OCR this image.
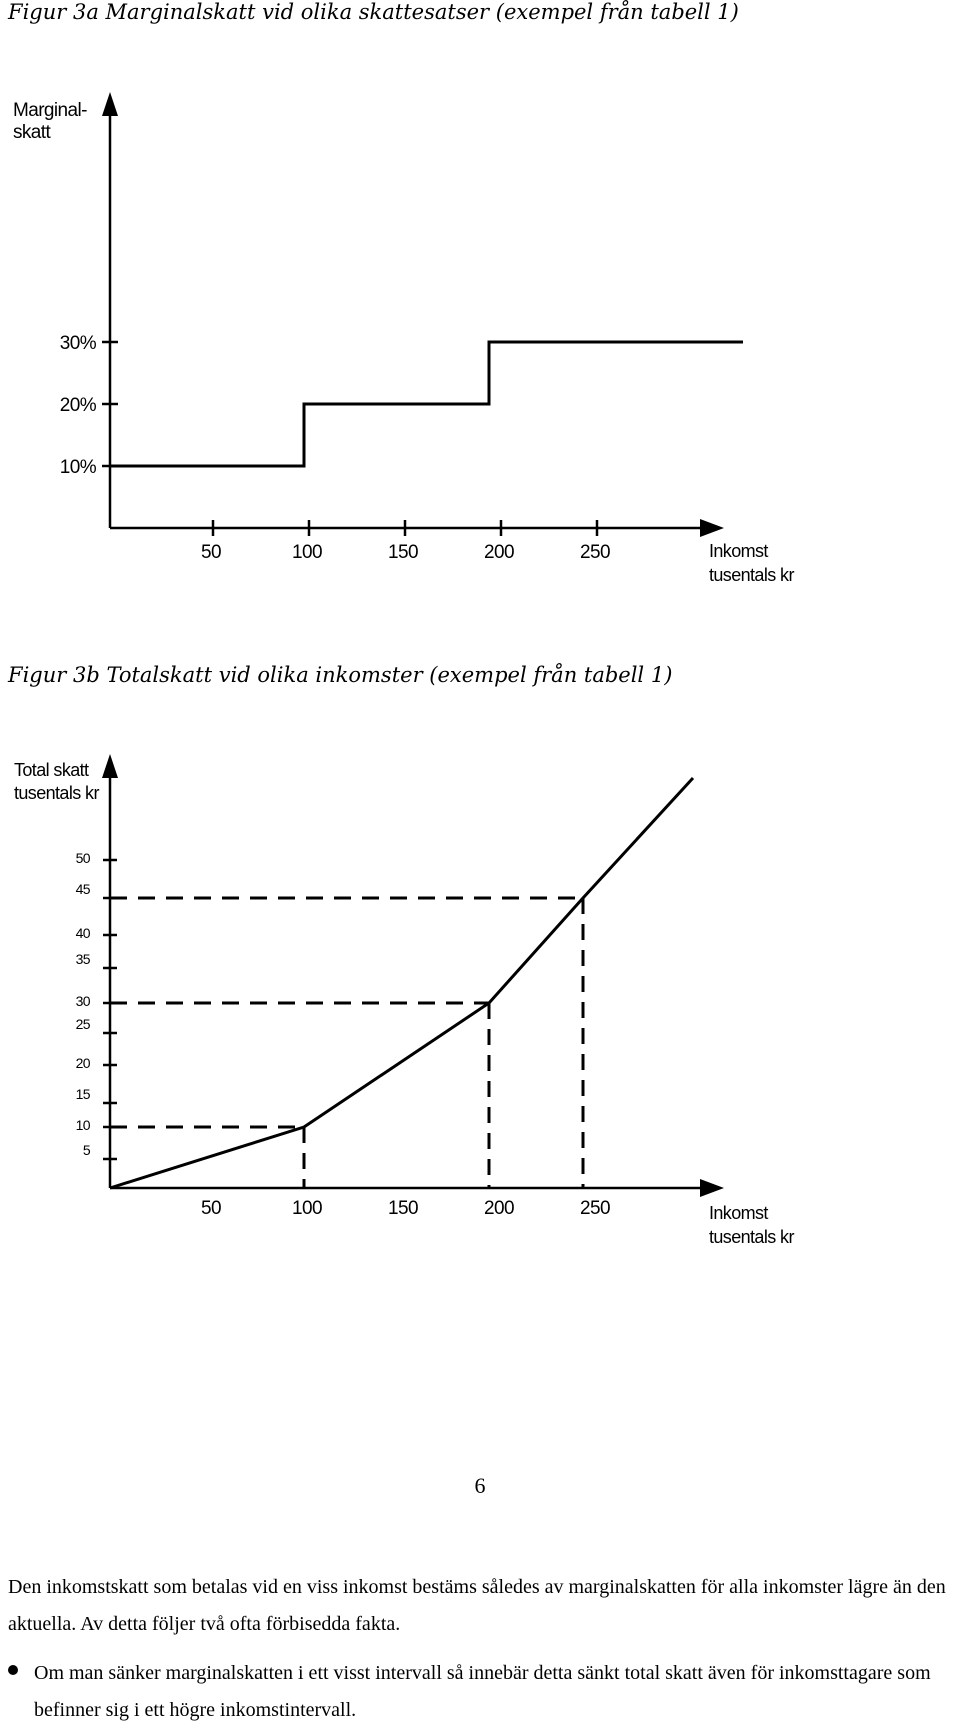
Figur 3a Marginalskatt vid olika skattesatser (exempel från tabell 1)
10%
20%
30%
50	100	150	200	250
Marginal-
skatt
Inkomst
tusentals kr
Figur 3b Totalskatt vid olika inkomster (exempel från tabell 1)
5
10
15
20
25
30
35
40
45
50
50	100	150	200	250
Total skatt
tusentals kr
Inkomst
tusentals kr
Den inkomstskatt som betalas vid en viss inkomst bestäms således av marginalskatten för alla inkomster lägre än den aktuella. Av detta följer två ofta förbisedda fakta.
Om man sänker marginalskatten i ett visst intervall så innebär detta sänkt total skatt även för inkomsttagare som befinner sig i ett högre inkomstintervall.
6
